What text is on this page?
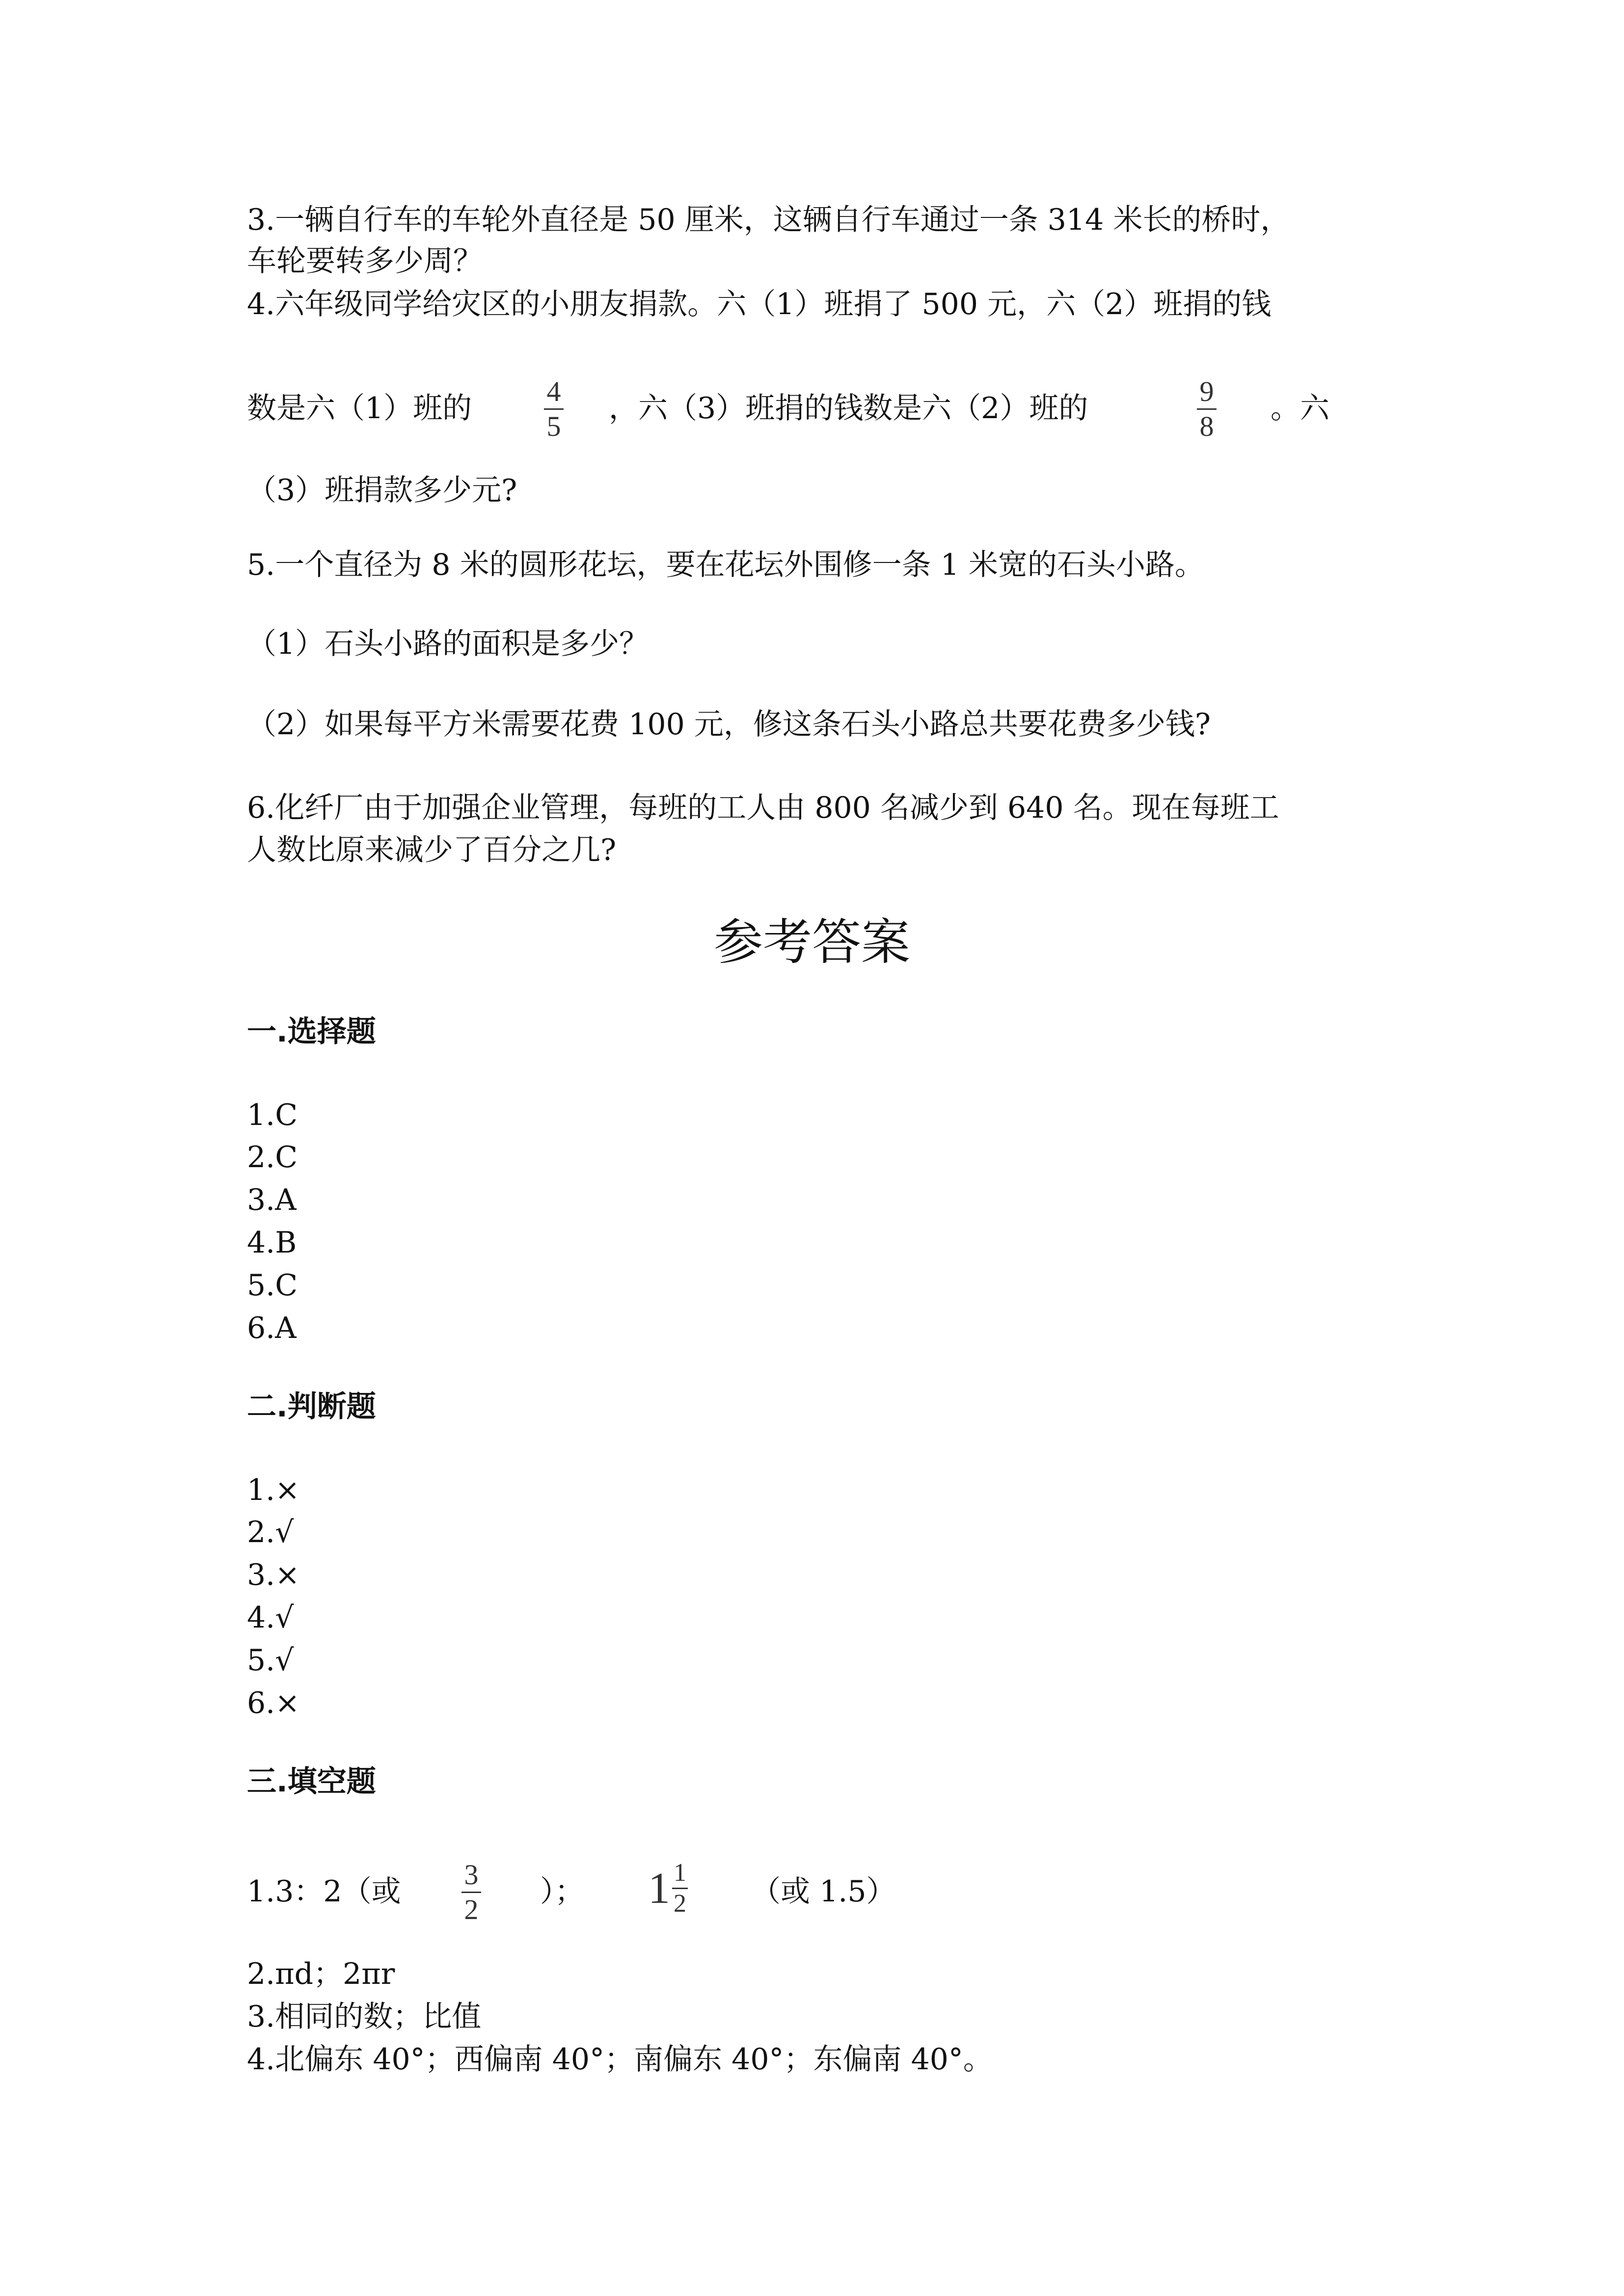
3.一辆自行车的车轮外直径是 50 厘米，这辆自行车通过一条 314 米长的桥时，
车轮要转多少周？
4.六年级同学给灾区的小朋友捐款。六（1）班捐了 500 元，六（2）班捐的钱
数是六（1）班的	4
5
，六（3）班捐的钱数是六（2）班的	9
8
。六
（3）班捐款多少元?
5.一个直径为 8 米的圆形花坛，要在花坛外围修一条 1 米宽的石头小路。
（1）石头小路的面积是多少？
（2）如果每平方米需要花费 100 元，修这条石头小路总共要花费多少钱?
6.化纤厂由于加强企业管理，每班的工人由 800 名减少到 640 名。现在每班工
人数比原来减少了百分之几?
参考答案
一.选择题
1.C
2.C
3.A
4.B
5.C
6.A
二.判断题
1.×
2.√
3.×
4.√
5.√
6.×
三.填空题
1.3：2（或 3
2
）； $1 \frac{1}{2}$ （或 1.5）
2.πd；2πr
3.相同的数；比值
4.北偏东 40°；西偏南 40°；南偏东 40°；东偏南 40°。
